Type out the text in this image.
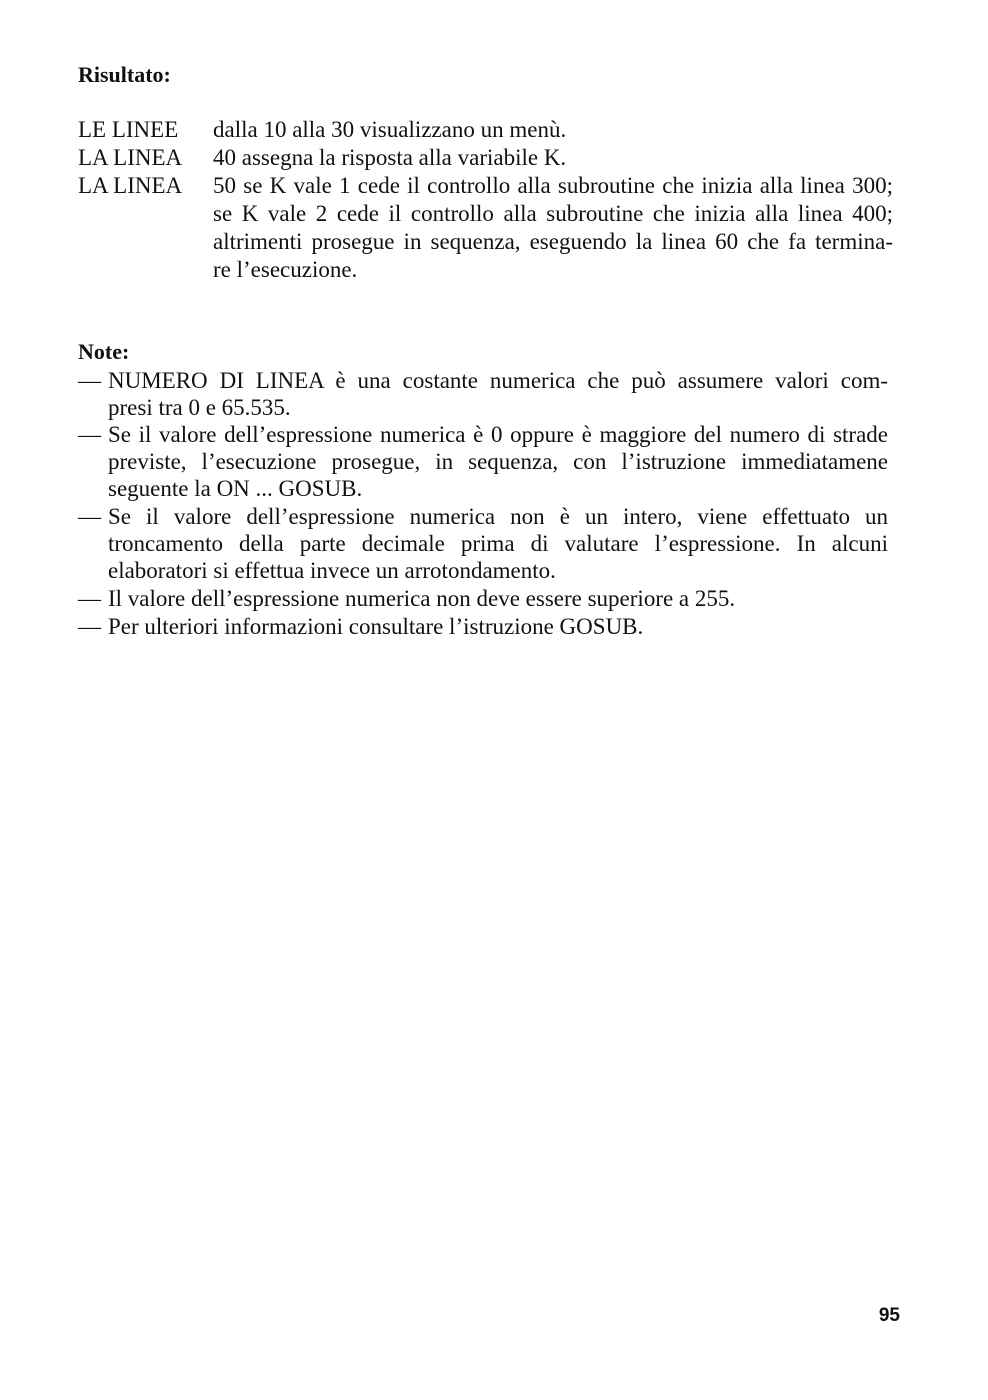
Risultato:
LE LINEE	dalla 10 alla 30 visualizzano un menù.
LA LINEA	40 assegna la risposta alla variabile K.
LA LINEA	50 se K vale 1 cede il controllo alla subroutine che inizia alla linea 300;
se K vale 2 cede il controllo alla subroutine che inizia alla linea 400;
altrimenti prosegue in sequenza, eseguendo la linea 60 che fa termina-
re l’esecuzione.
Note:
— NUMERO DI LINEA è una costante numerica che può assumere valori com-
presi tra 0 e 65.535.
— Se il valore dell’espressione numerica è 0 oppure è maggiore del numero di strade
previste, l’esecuzione prosegue, in sequenza, con l’istruzione immediatamene
seguente la ON ... GOSUB.
— Se il valore dell’espressione numerica non è un intero, viene effettuato un
troncamento della parte decimale prima di valutare l’espressione. In alcuni
elaboratori si effettua invece un arrotondamento.
— Il valore dell’espressione numerica non deve essere superiore a 255.
— Per ulteriori informazioni consultare l’istruzione GOSUB.
95
